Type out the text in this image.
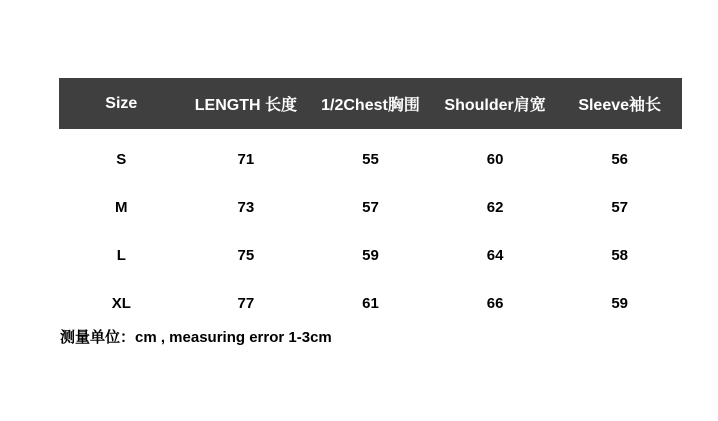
Size	LENGTH 长度	1/2Chest胸围	Shoulder肩宽	Sleeve袖长
S	71	55	60	56
M	73	57	62	57
L	75	59	64	58
XL	77	61	66	59
测量单位：cm , measuring error 1-3cm
